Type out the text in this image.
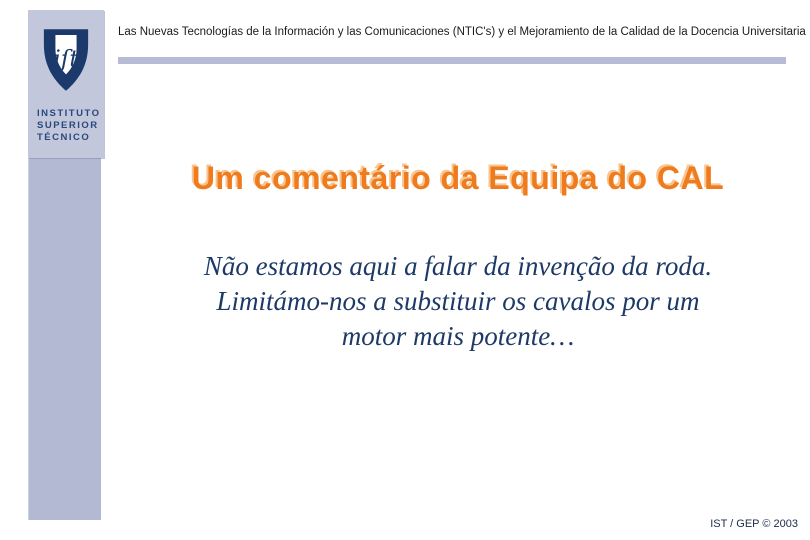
iſt
INSTITUTO
SUPERIOR
TÉCNICO
Las Nuevas Tecnologías de la Información y las Comunicaciones (NTIC's) y el Mejoramiento de la Calidad de la Docencia Universitaria
Um comentário da Equipa do CAL
Não estamos aqui a falar da invenção da roda.
Limitámo-nos a substituir os cavalos por um
motor mais potente…
IST / GEP © 2003
